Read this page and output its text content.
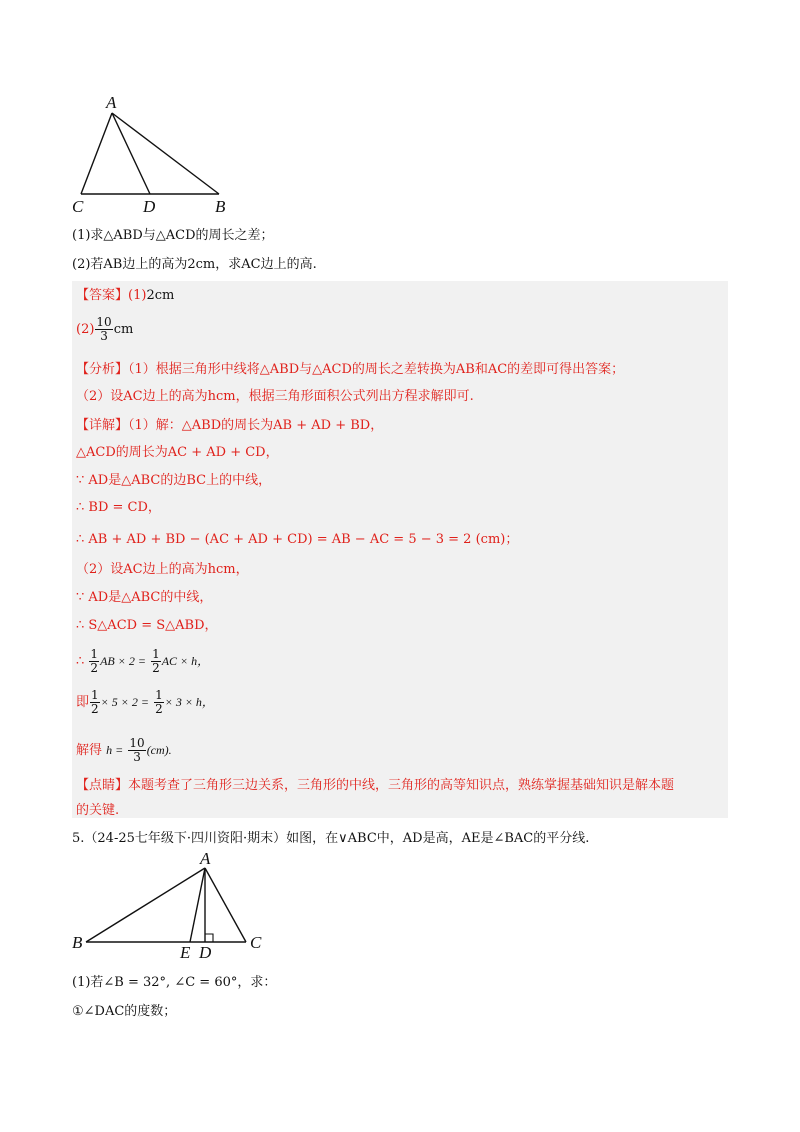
A
C	D	B
(1)求△ABD与△ACD的周长之差；
(2)若AB边上的高为2cm，求AC边上的高.
【答案】(1)2cm
$(2) \frac{10}{3}$ cm
【分析】（1）根据三角形中线将△ABD与△ACD的周长之差转换为AB和AC的差即可得出答案；
（2）设AC边上的高为hcm，根据三角形面积公式列出方程求解即可.
【详解】（1）解：△ABD的周长为AB + AD + BD，
△ACD的周长为AC + AD + CD，
∵ AD是△ABC的边BC上的中线，
∴ BD = CD，
∴ AB + AD + BD − (AC + AD + CD) = AB − AC = 5 − 3 = 2 (cm)；
（2）设AC边上的高为hcm，
∵ AD是△ABC的中线，
∴ S△ACD = S△ABD，
∴ $\frac{1}{2}$ AB × $2 = \frac{1}{2}$ AC × h，
即 $\frac{1}{2} \times 5 \times 2 = \frac{1}{2} \times 3 \times h$，
解得 $h = \frac{10}{3} (cm)$.
【点睛】本题考查了三角形三边关系，三角形的中线，三角形的高等知识点，熟练掌握基础知识是解本题
的关键.
5.（24-25七年级下·四川资阳·期末）如图，在∨ABC中，AD是高，AE是∠BAC的平分线.
A
B
E D
C
(1)若∠B = 32°, ∠C = 60°，求：
①∠DAC的度数；
